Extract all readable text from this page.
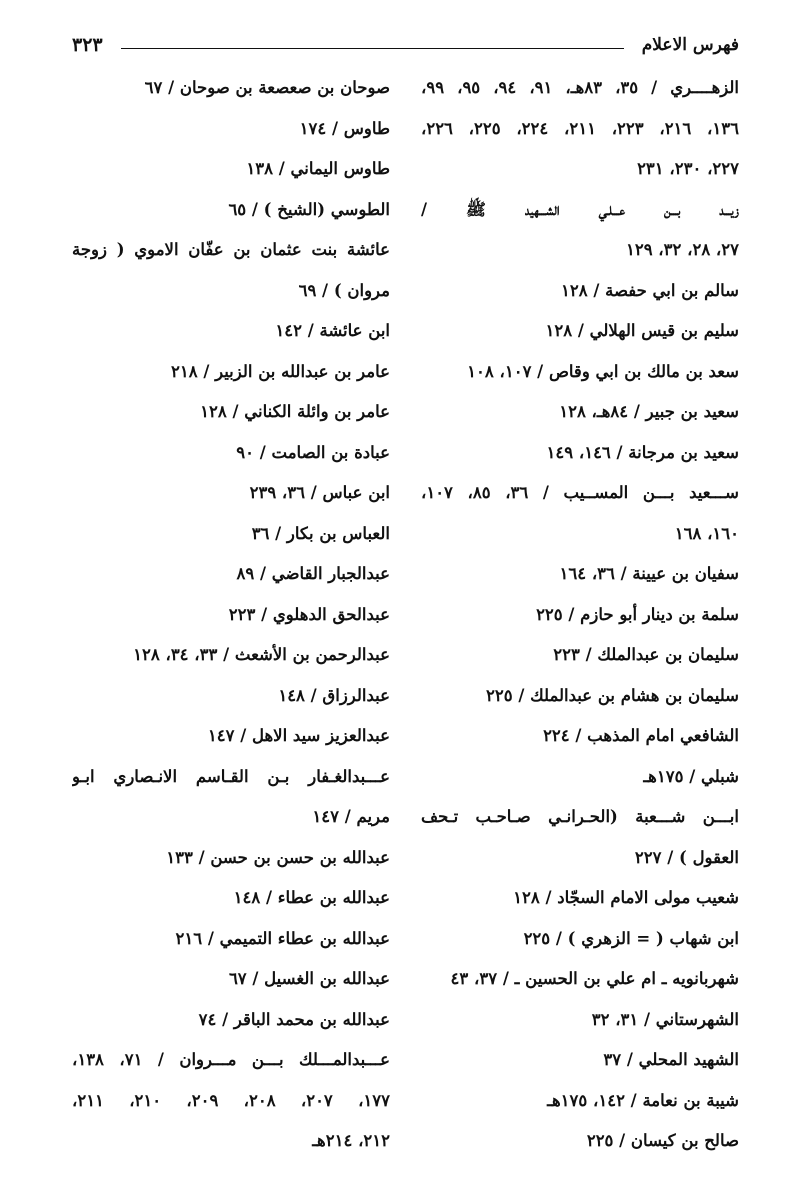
فهرس الاعلام
٣٢٣
الزهــــري / ٣٥، ٨٣هـ، ٩١، ٩٤، ٩٥، ٩٩،
١٣٦، ٢١٦، ٢٢٣، ٢١١، ٢٢٤، ٢٢٥، ٢٢٦،
٢٢٧، ٢٣٠، ٢٣١
زيـــد بـــن عـــلـي الشـــهيد ﷺ /
٢٧، ٢٨، ٣٢، ١٢٩
سالم بن ابي حفصة / ١٢٨
سليم بن قيس الهلالي / ١٢٨
سعد بن مالك بن ابي وقاص / ١٠٧، ١٠٨
سعيد بن جبير / ٨٤هـ، ١٢٨
سعيد بن مرجانة / ١٤٦، ١٤٩
ســـعيد بـــن المســيب / ٣٦، ٨٥، ١٠٧،
١٦٠، ١٦٨
سفيان بن عيينة / ٣٦، ١٦٤
سلمة بن دينار أبو حازم / ٢٢٥
سليمان بن عبدالملك / ٢٢٣
سليمان بن هشام بن عبدالملك / ٢٢٥
الشافعي امام المذهب / ٢٢٤
شبلي / ١٧٥هـ
ابـــن شـــعبة (الحـرانـي صـاحـب تـحف
العقول ) / ٢٢٧
شعيب مولى الامام السجّاد / ١٢٨
ابن شهاب ( = الزهري ) / ٢٢٥
شهربانويه ـ ام علي بن الحسين ـ / ٣٧، ٤٣
الشهرستاني / ٣١، ٣٢
الشهيد المحلي / ٣٧
شيبة بن نعامة / ١٤٢، ١٧٥هـ
صالح بن كيسان / ٢٢٥
صوحان بن صعصعة بن صوحان / ٦٧
طاوس / ١٧٤
طاوس اليماني / ١٣٨
الطوسي (الشيخ ) / ٦٥
عائشة بنت عثمان بن عفّان الاموي ( زوجة
مروان ) / ٦٩
ابن عائشة / ١٤٢
عامر بن عبدالله بن الزبير / ٢١٨
عامر بن وائلة الكناني / ١٢٨
عبادة بن الصامت / ٩٠
ابن عباس / ٣٦، ٢٣٩
العباس بن بكار / ٣٦
عبدالجبار القاضي / ٨٩
عبدالحق الدهلوي / ٢٢٣
عبدالرحمن بن الأشعث / ٣٣، ٣٤، ١٢٨
عبدالرزاق / ١٤٨
عبدالعزيز سيد الاهل / ١٤٧
عـــبدالغـفار بـن القـاسم الانـصاري ابـو
مريم / ١٤٧
عبدالله بن حسن بن حسن / ١٣٣
عبدالله بن عطاء / ١٤٨
عبدالله بن عطاء التميمي / ٢١٦
عبدالله بن الغسيل / ٦٧
عبدالله بن محمد الباقر / ٧٤
عـــبدالمـــلك بـــن مـــروان / ٧١، ١٣٨،
١٧٧، ٢٠٧، ٢٠٨، ٢٠٩، ٢١٠، ٢١١،
٢١٢، ٢١٤هـ
